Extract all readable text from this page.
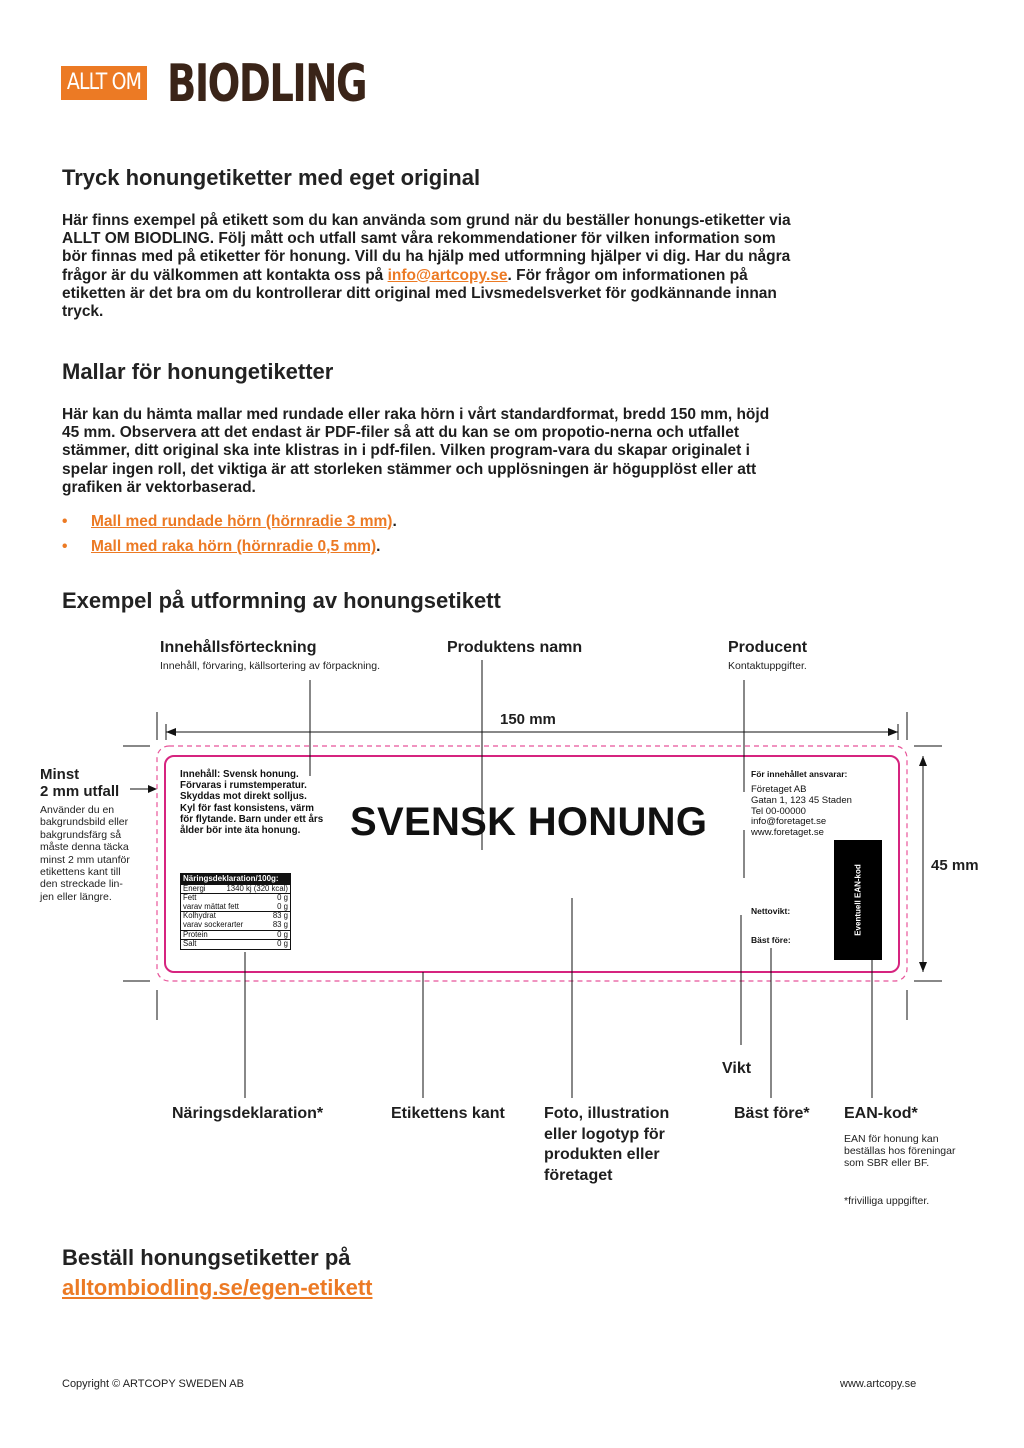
ALLT OM BIODLING
Tryck honungetiketter med eget original

Här finns exempel på etikett som du kan använda som grund när du beställer honungs-etiketter via ALLT OM BIODLING. Följ mått och utfall samt våra rekommendationer för vilken information som bör finnas med på etiketter för honung. Vill du ha hjälp med utformning hjälper vi dig. Har du några frågor är du välkommen att kontakta oss på info@artcopy.se. För frågor om informationen på etiketten är det bra om du kontrollerar ditt original med Livsmedelsverket för godkännande innan tryck.

Mallar för honungetiketter

Här kan du hämta mallar med rundade eller raka hörn i vårt standardformat, bredd 150 mm, höjd 45 mm. Observera att det endast är PDF-filer så att du kan se om propotio-nerna och utfallet stämmer, ditt original ska inte klistras in i pdf-filen. Vilken program-vara du skapar originalet i spelar ingen roll, det viktiga är att storleken stämmer och upplösningen är högupplöst eller att grafiken är vektorbaserad.

• Mall med rundade hörn (hörnradie 3 mm).
• Mall med raka hörn (hörnradie 0,5 mm).
Exempel på utformning av honungsetikett
Innehållsförteckning
Innehåll, förvaring, källsortering av förpackning.
Produktens namn	Producent
Kontaktuppgifter.
150 mm
45 mm
Minst
2 mm utfall
Använder du en
bakgrundsbild eller
bakgrundsfärg så
måste denna täcka
minst 2 mm utanför
etikettens kant till
den streckade lin-
jen eller längre.
Innehåll: Svensk honung.
Förvaras i rumstemperatur.
Skyddas mot direkt solljus.
Kyl för fast konsistens, värm
för flytande. Barn under ett års
ålder bör inte äta honung.	SVENSK HONUNG
För innehållet ansvarar:
Företaget AB
Gatan 1, 123 45 Staden
Tel 00-00000
info@foretaget.se
www.foretaget.se
Nettovikt:
Bäst före:
Eventuell EAN-kod
Näringsdeklaration/100g:
Energi	1340 kj (320 kcal)
Fett	0 g
varav mättat fett	0 g
Kolhydrat	83 g
varav sockerarter	83 g
Protein	0 g
Salt	0 g
Vikt
Näringsdeklaration*	Etikettens kant Foto, illustration
eller logotyp för
produkten eller
företaget
Bäst före* EAN-kod*
EAN för honung kan
beställas hos föreningar
som SBR eller BF.
*frivilliga uppgifter.
Beställ honungsetiketter på
alltombiodling.se/egen-etikett
Copyright © ARTCOPY SWEDEN AB	www.artcopy.se
